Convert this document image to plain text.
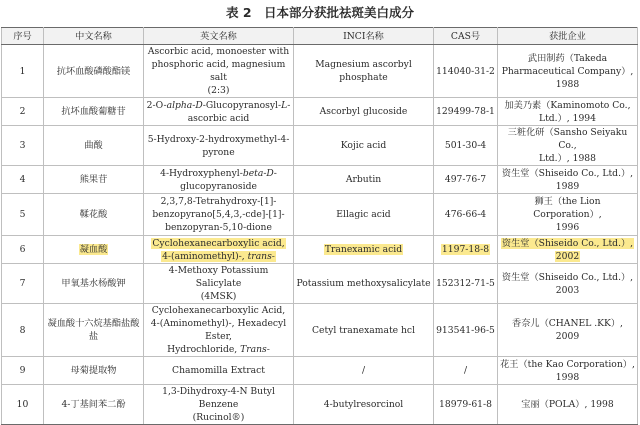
表 2　日本部分获批祛斑美白成分
序号	中文名称	英文名称	INCI名称	CAS号	获批企业
1	抗坏血酸磷酸酯镁	Ascorbic acid, monoester with
phosphoric acid, magnesium salt
(2:3)	Magnesium ascorbyl
phosphate	114040-31-2	武田制药（Takeda
Pharmaceutical Company）, 1988
2	抗坏血酸葡糖苷	2-O-alpha-D-Glucopyranosyl-L-
ascorbic acid	Ascorbyl glucoside	129499-78-1	加美乃素（Kaminomoto Co.,
Ltd.）, 1994
3	曲酸	5-Hydroxy-2-hydroxymethyl-4-
pyrone	Kojic acid	501-30-4	三粧化研（Sansho Seiyaku Co.,
Ltd.）, 1988
4	熊果苷	4-Hydroxyphenyl-beta-D-
glucopyranoside	Arbutin	497-76-7	资生堂（Shiseido Co., Ltd.）,
1989
5	鞣花酸	2,3,7,8-Tetrahydroxy-[1]-
benzopyrano[5,4,3,-cde]-[1]-
benzopyran-5,10-dione	Ellagic acid	476-66-4	狮王（the Lion Corporation）,
1996
6	凝血酸	Cyclohexanecarboxylic acid,
4-(aminomethyl)-, trans-	Tranexamic acid	1197-18-8	资生堂（Shiseido Co., Ltd.）,
2002
7	甲氧基水杨酸钾	4-Methoxy Potassium Salicylate
(4MSK)	Potassium methoxysalicylate	152312-71-5	资生堂（Shiseido Co., Ltd.）,
2003
8	凝血酸十六烷基酯盐酸盐	Cyclohexanecarboxylic Acid,
4-(Aminomethyl)-, Hexadecyl Ester,
Hydrochloride, Trans-	Cetyl tranexamate hcl	913541-96-5	香奈儿（CHANEL .KK）, 2009
9	母菊提取物	Chamomilla Extract	/	/	花王（the Kao Corporation）,
1998
10	4-丁基间苯二酚	1,3-Dihydroxy-4-N Butyl Benzene
(Rucinol®)	4-butylresorcinol	18979-61-8	宝丽（POLA）, 1998
